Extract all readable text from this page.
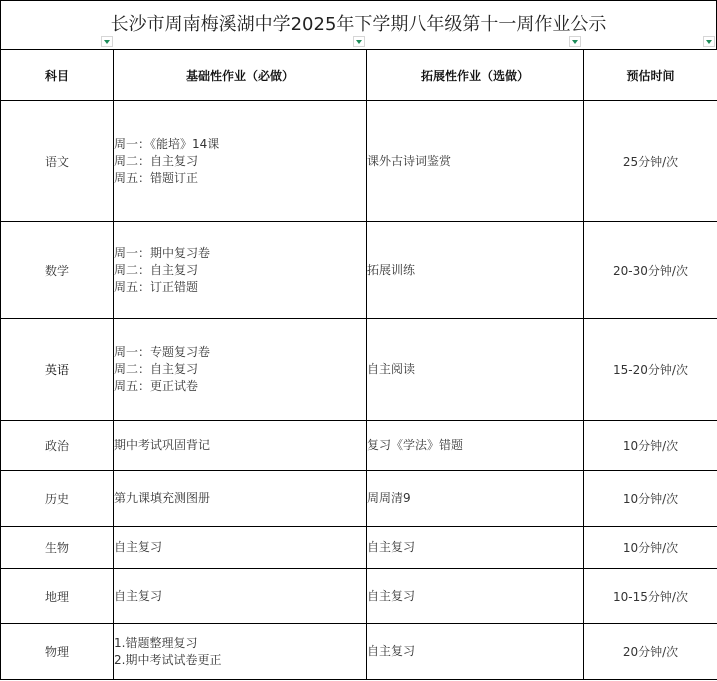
长沙市周南梅溪湖中学2025年下学期八年级第十一周作业公示
科目	基础性作业（必做）	拓展性作业（选做）	预估时间
语文	周一：《能培》14课
周二：自主复习
周五：错题订正	课外古诗词鉴赏	25分钟/次
数学	周一：期中复习卷
周二：自主复习
周五：订正错题	拓展训练	20-30分钟/次
英语	周一：专题复习卷
周二：自主复习
周五：更正试卷	自主阅读	15-20分钟/次
政治	期中考试巩固背记	复习《学法》错题	10分钟/次
历史	第九课填充测图册	周周清9	10分钟/次
生物	自主复习	自主复习	10分钟/次
地理	自主复习	自主复习	10-15分钟/次
物理	1.错题整理复习
2.期中考试试卷更正	自主复习	20分钟/次
